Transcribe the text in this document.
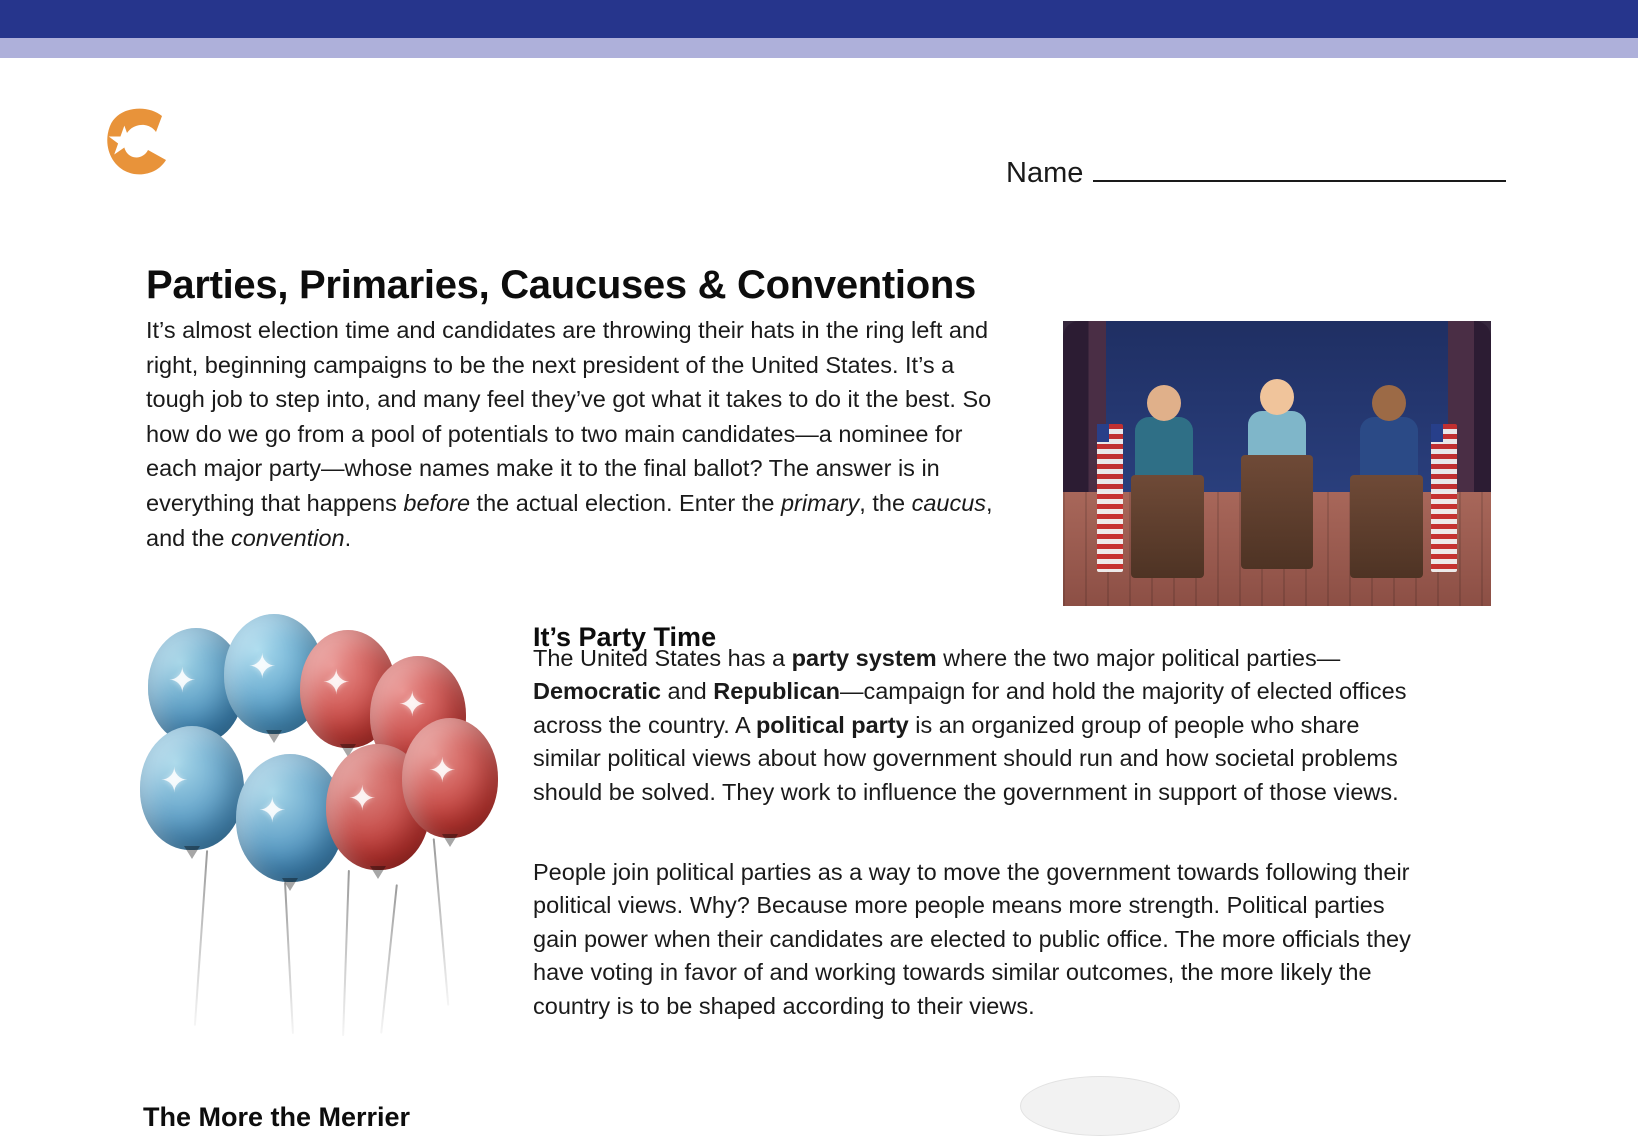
Name
Parties, Primaries, Caucuses & Conventions
It’s almost election time and candidates are throwing their hats in the ring left and right, beginning campaigns to be the next president of the United States. It’s a tough job to step into, and many feel they’ve got what it takes to do it the best. So how do we go from a pool of potentials to two main candidates—a nominee for each major party—whose names make it to the final ballot? The answer is in everything that happens before the actual election. Enter the primary, the caucus, and the convention.
It’s Party Time
The United States has a party system where the two major political parties—Democratic and Republican—campaign for and hold the majority of elected offices across the country. A political party is an organized group of people who share similar political views about how government should run and how societal problems should be solved. They work to influence the government in support of those views.
People join political parties as a way to move the government towards following their political views. Why? Because more people means more strength. Political parties gain power when their candidates are elected to public office. The more officials they have voting in favor of and working towards similar outcomes, the more likely the country is to be shaped according to their views.
✦ ✦ ✦
✦
✦
✦ ✦
✦
The More the Merrier
